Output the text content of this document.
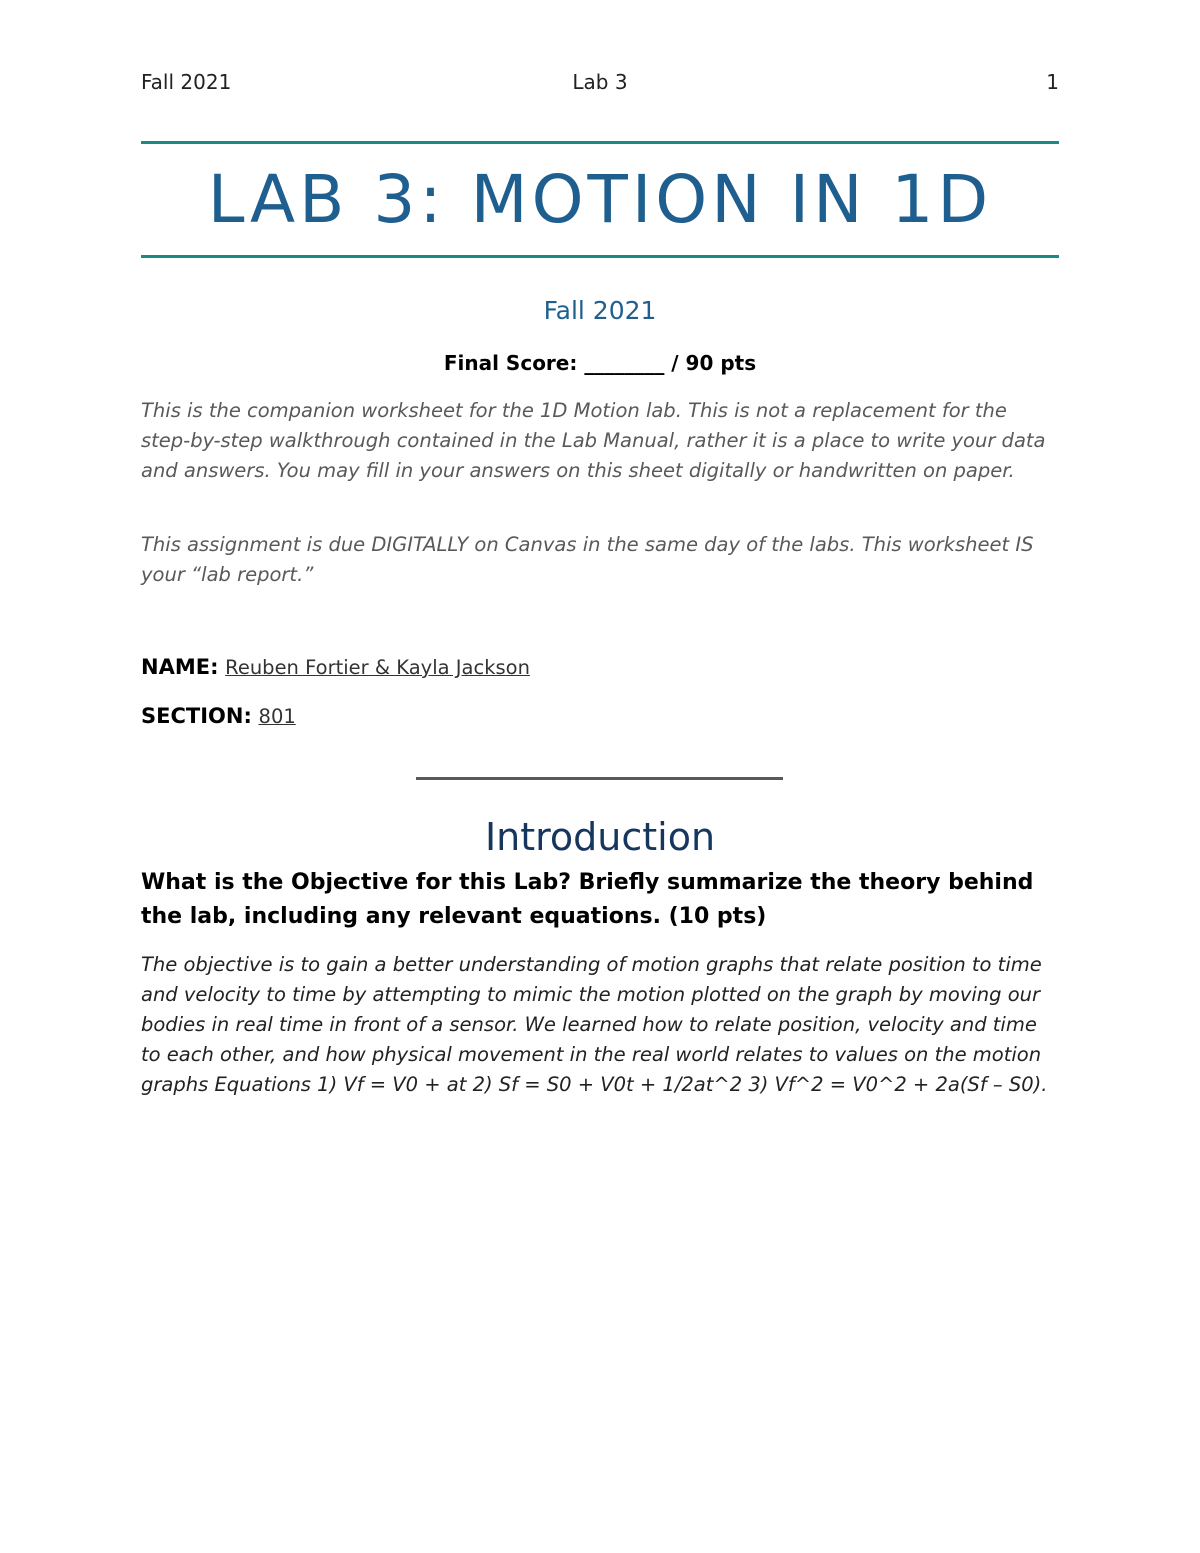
Fall 2021	Lab 3	1
LAB 3: MOTION IN 1D
Fall 2021
Final Score: ________ / 90 pts
This is the companion worksheet for the 1D Motion lab. This is not a replacement for the step-by-step walkthrough contained in the Lab Manual, rather it is a place to write your data and answers. You may fill in your answers on this sheet digitally or handwritten on paper.
This assignment is due DIGITALLY on Canvas in the same day of the labs. This worksheet IS your “lab report.”
NAME: Reuben Fortier & Kayla Jackson
SECTION: 801
Introduction
What is the Objective for this Lab? Briefly summarize the theory behind the lab, including any relevant equations. (10 pts)
The objective is to gain a better understanding of motion graphs that relate position to time and velocity to time by attempting to mimic the motion plotted on the graph by moving our bodies in real time in front of a sensor. We learned how to relate position, velocity and time to each other, and how physical movement in the real world relates to values on the motion graphs Equations 1) Vf = V0 + at 2) Sf = S0 + V0t + 1/2at^2 3) Vf^2 = V0^2 + 2a(Sf – S0).
